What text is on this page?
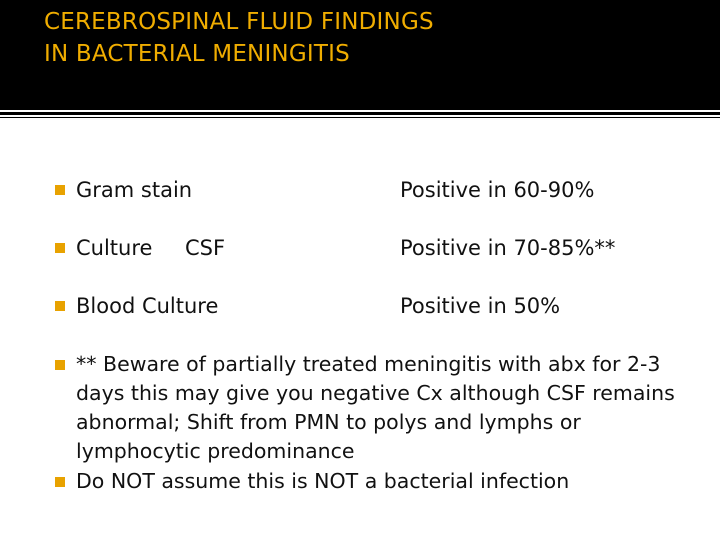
CEREBROSPINAL FLUID FINDINGS
IN BACTERIAL MENINGITIS
Gram stain	Positive in 60-90%
Culture CSF	Positive in 70-85%**
Blood Culture	Positive in 50%
** Beware of partially treated meningitis with abx for 2-3 days this may give you negative Cx although CSF remains abnormal; Shift from PMN to polys and lymphs or lymphocytic predominance
Do NOT assume this is NOT a bacterial infection
